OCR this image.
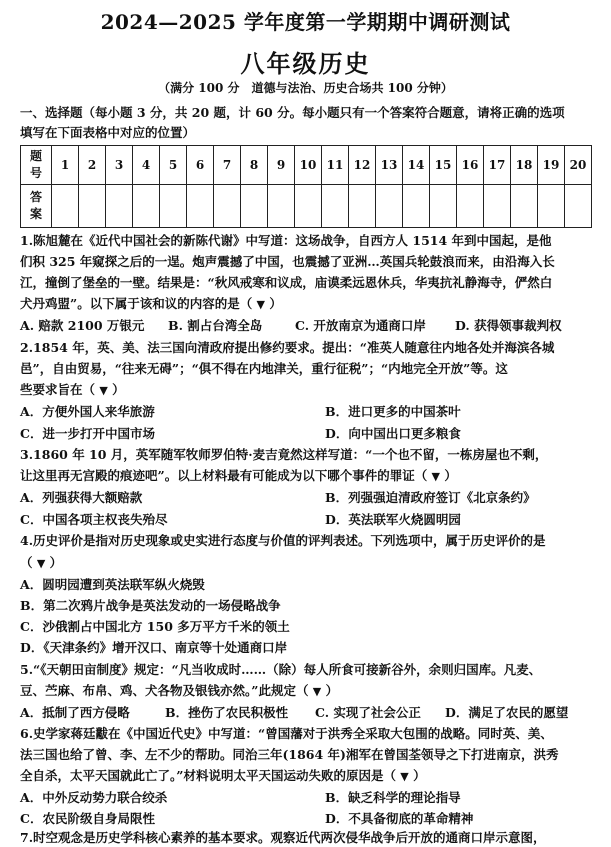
2024—2025 学年度第一学期期中调研测试
八年级历史
（满分 100 分　道德与法治、历史合场共 100 分钟）
一、选择题（每小题 3 分，共 20 题，计 60 分。每小题只有一个答案符合题意，请将正确的选项
填写在下面表格中对应的位置）
题号	1	2	3	4	5	6	7	8	9	10	11	12	13	14	15	16	17	18	19	20
答案																				
1.陈旭麓在《近代中国社会的新陈代谢》中写道：这场战争，自西方人 1514 年到中国起，是他
们积 325 年窥探之后的一逞。炮声震撼了中国，也震撼了亚洲…英国兵轮鼓浪而来，由沿海入长
江，撞倒了堡垒的一壁。结果是：“秋风戒寒和议成，庙谟柔远恩休兵，华夷抗礼静海寺，俨然白
犬丹鸡盟”。以下属于该和议的内容的是（ ▼ ）
A. 赔款 2100 万银元 B. 割占台湾全岛	C. 开放南京为通商口岸 D. 获得领事裁判权
2.1854 年，英、美、法三国向清政府提出修约要求。提出：“准英人随意往内地各处并海滨各城
邑”，自由贸易，“往来无碍”；“俱不得在内地津关，重行征税”；“内地完全开放”等。这
些要求旨在（ ▼ ）
A．方便外国人来华旅游	B．进口更多的中国茶叶
C．进一步打开中国市场	D．向中国出口更多粮食
3.1860 年 10 月，英军随军牧师罗伯特·麦吉竟然这样写道：“一个也不留，一栋房屋也不剩，
让这里再无宫殿的痕迹吧”。以上材料最有可能成为以下哪个事件的罪证（ ▼ ）
A．列强获得大额赔款	B．列强强迫清政府签订《北京条约》
C．中国各项主权丧失殆尽	D．英法联军火烧圆明园
4.历史评价是指对历史现象或史实进行态度与价值的评判表述。下列选项中，属于历史评价的是
（ ▼ ）
A．圆明园遭到英法联军纵火烧毁
B．第二次鸦片战争是英法发动的一场侵略战争
C．沙俄割占中国北方 150 多万平方千米的领土
D．《天津条约》增开汉口、南京等十处通商口岸
5.“《天朝田亩制度》规定：“凡当收成时……（除）每人所食可接新谷外，余则归国库。凡麦、
豆、苎麻、布帛、鸡、犬各物及银钱亦然。”此规定（ ▼ ）
A．抵制了西方侵略	B．挫伤了农民积极性 C. 实现了社会公正 D．满足了农民的愿望
6.史学家蒋廷黻在《中国近代史》中写道：“曾国藩对于洪秀全采取大包围的战略。同时英、美、
法三国也给了曾、李、左不少的帮助。同治三年(1864 年)湘军在曾国荃领导之下打进南京，洪秀
全自杀，太平天国就此亡了。”材料说明太平天国运动失败的原因是（ ▼ ）
A．中外反动势力联合绞杀	B．缺乏科学的理论指导
C．农民阶级自身局限性	D．不具备彻底的革命精神
7.时空观念是历史学科核心素养的基本要求。观察近代两次侵华战争后开放的通商口岸示意图，
